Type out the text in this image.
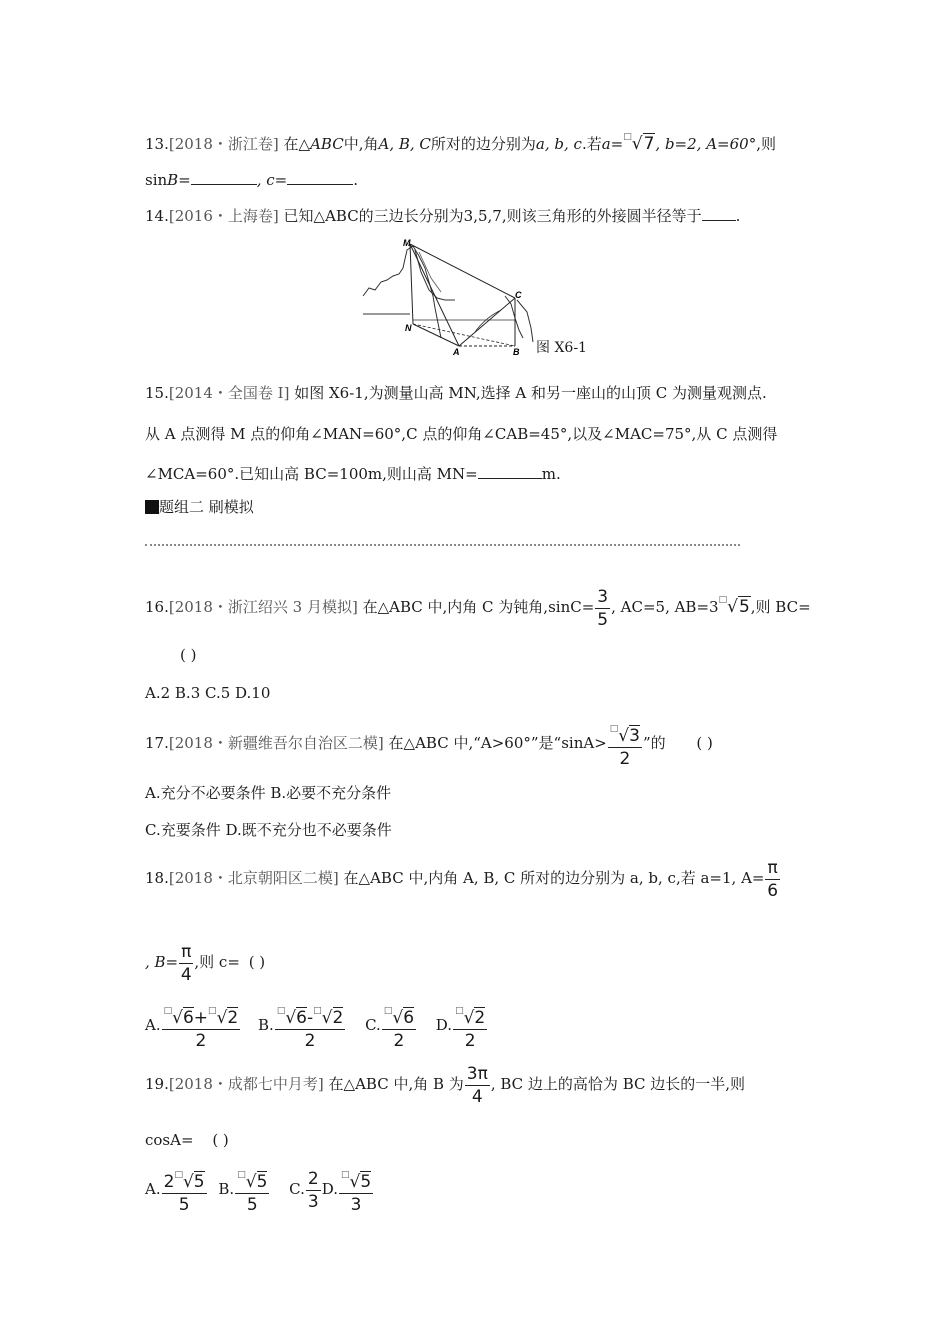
13.[2018・浙江卷] 在△ABC中,角A, B, C所对的边分别为a, b, c.若a=□√7, b=2, A=60°,则
sinB=	, c=	.
14.[2016・上海卷] 已知△ABC的三边长分别为3,5,7,则该三角形的外接圆半径等于 .
M
N
A	B
C
图 X6-1
15.[2014・全国卷 I] 如图 X6-1,为测量山高 MN,选择 A 和另一座山的山顶 C 为测量观测点.
从 A 点测得 M 点的仰角∠MAN=60°,C 点的仰角∠CAB=45°,以及∠MAC=75°,从 C 点测得
∠MCA=60°.已知山高 BC=100m,则山高 MN=	m.
题组二 刷模拟
16.[2018・浙江绍兴 3 月模拟] 在△ABC 中,内角 C 为钝角$,\sin C= \frac{3}{5}$ , AC=5, AB=3□√5,则 BC=
( )
A.2 B.3 C.5 D.10
17.[2018・新疆维吾尔自治区二模] 在△ABC 中,“A>60°”是“$\sin A> \frac{^□√3}{2}$ ”的 ( )
A.充分不必要条件 B.必要不充分条件
C.充要条件 D.既不充分也不必要条件
18.[2018・北京朝阳区二模] 在△ABC 中,内角 A, B, C 所对的边分别为 a, b, c,若 a=1, $A= \frac{\pi}{6}$
, $B= \frac{\pi}{4}$ ,则 c= ( )
A. $\frac{^□√6+^□√2}{2} B$. $\frac{^□√6-^□√2}{2} C$. $\frac{^□√6}{2} D$. $\frac{^□√2}{2}$
19.[2018・成都七中月考] 在△ABC 中,角 B 为 $\frac{3\pi}{4}$ , BC 边上的高恰为 BC 边长的一半,则
cosA= ( )
A. $\frac{2^□√5}{5} B$. $\frac{^□√5}{5} C$. $\frac{2}{3} D$. $\frac{^□√5}{3}$
